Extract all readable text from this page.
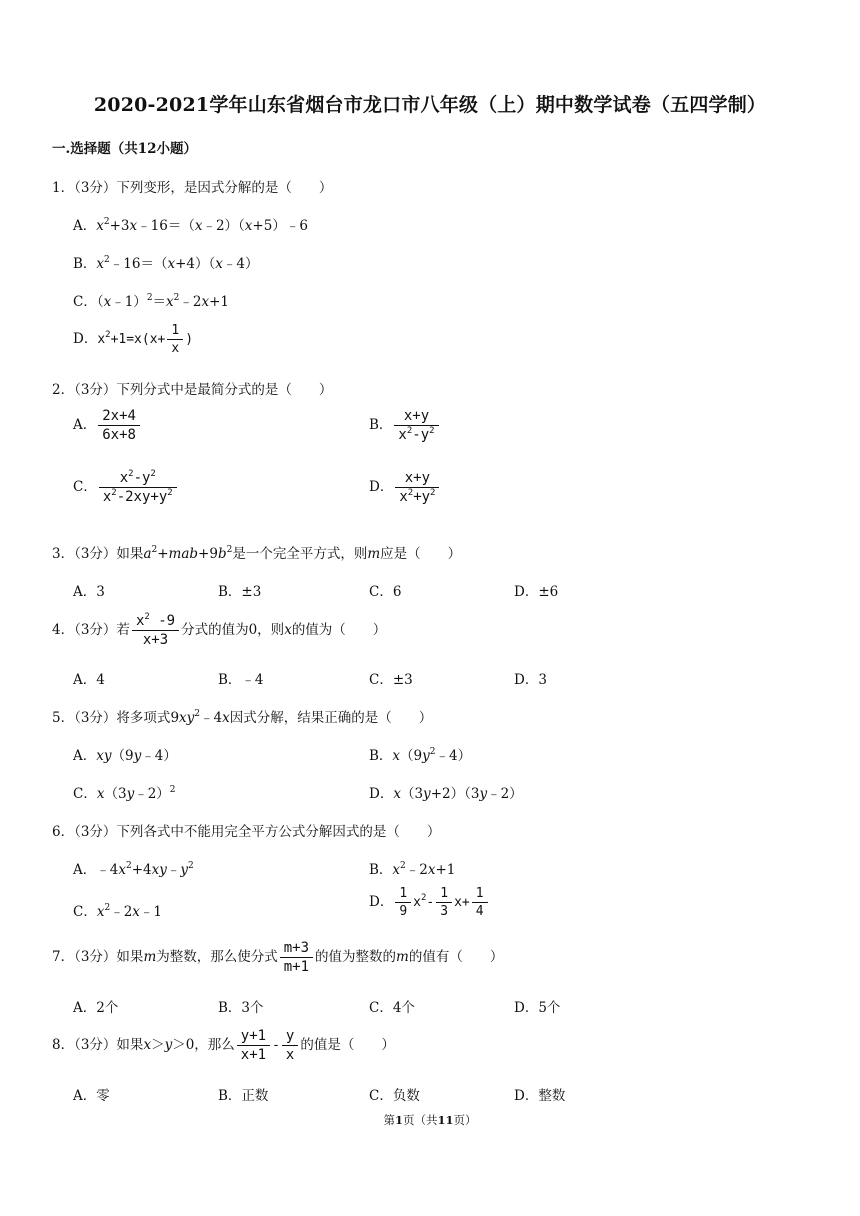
2020-2021学年山东省烟台市龙口市八年级（上）期中数学试卷（五四学制）
一.选择题（共12小题）
1．（3分）下列变形，是因式分解的是（　　）
A．$x^2+3x﹣16=(x﹣2)(x+5)﹣6$
B．$x^2﹣16=(x+4)(x﹣4)$
C．$(x﹣1)^2=x^2﹣2x+1$
D．$x^2+1=x(x+ \frac{1}{x}$ )
2．（3分）下列分式中是最简分式的是（　　）
A． $\frac{2x+4}{6x+8}$	B． $\frac{x+y}{x^2-y^2}$
C． $\frac{x^2-y^2}{x^2-2xy+y^2}$	D． $\frac{x+y}{x^2+y^2}$
3．（3分）如果$a^2+mab+9b^2$是一个完全平方式，则m应是（　　）
A．3	B．±3	C．6	D．±6
4．（3分）若 $\frac{x^2 -9}{x+3}$ 分式的值为0，则x的值为（　　）
A．4	B．﹣4	C．±3	D．3
5．（3分）将多项式$9xy^2﹣4x$因式分解，结果正确的是（　　）
A．xy（9y﹣4）	B．$x(9y^2﹣4)$
C．x（3y﹣2）$^2$	D．x（3y+2）（3y﹣2）
6．（3分）下列各式中不能用完全平方公式分解因式的是（　　）
A．$﹣4x^2+4xy﹣y^2$	B．$x^2﹣2x+1$
C．$x^2﹣2x﹣1$
D． $\frac{1}{9} x^2- \frac{1}{3} x+ \frac{1}{4}$
7．（3分）如果m为整数，那么使分式 $\frac{m+3}{m+1}$ 的值为整数的m的值有（　　）
A．2个	B．3个	C．4个	D．5个
8．（3分）如果x＞y＞0，那么 $\frac{y+1}{x+1} - \frac{y}{x}$ 的值是（　　）
A．零	B．正数	C．负数	D．整数
第1页（共11页）
